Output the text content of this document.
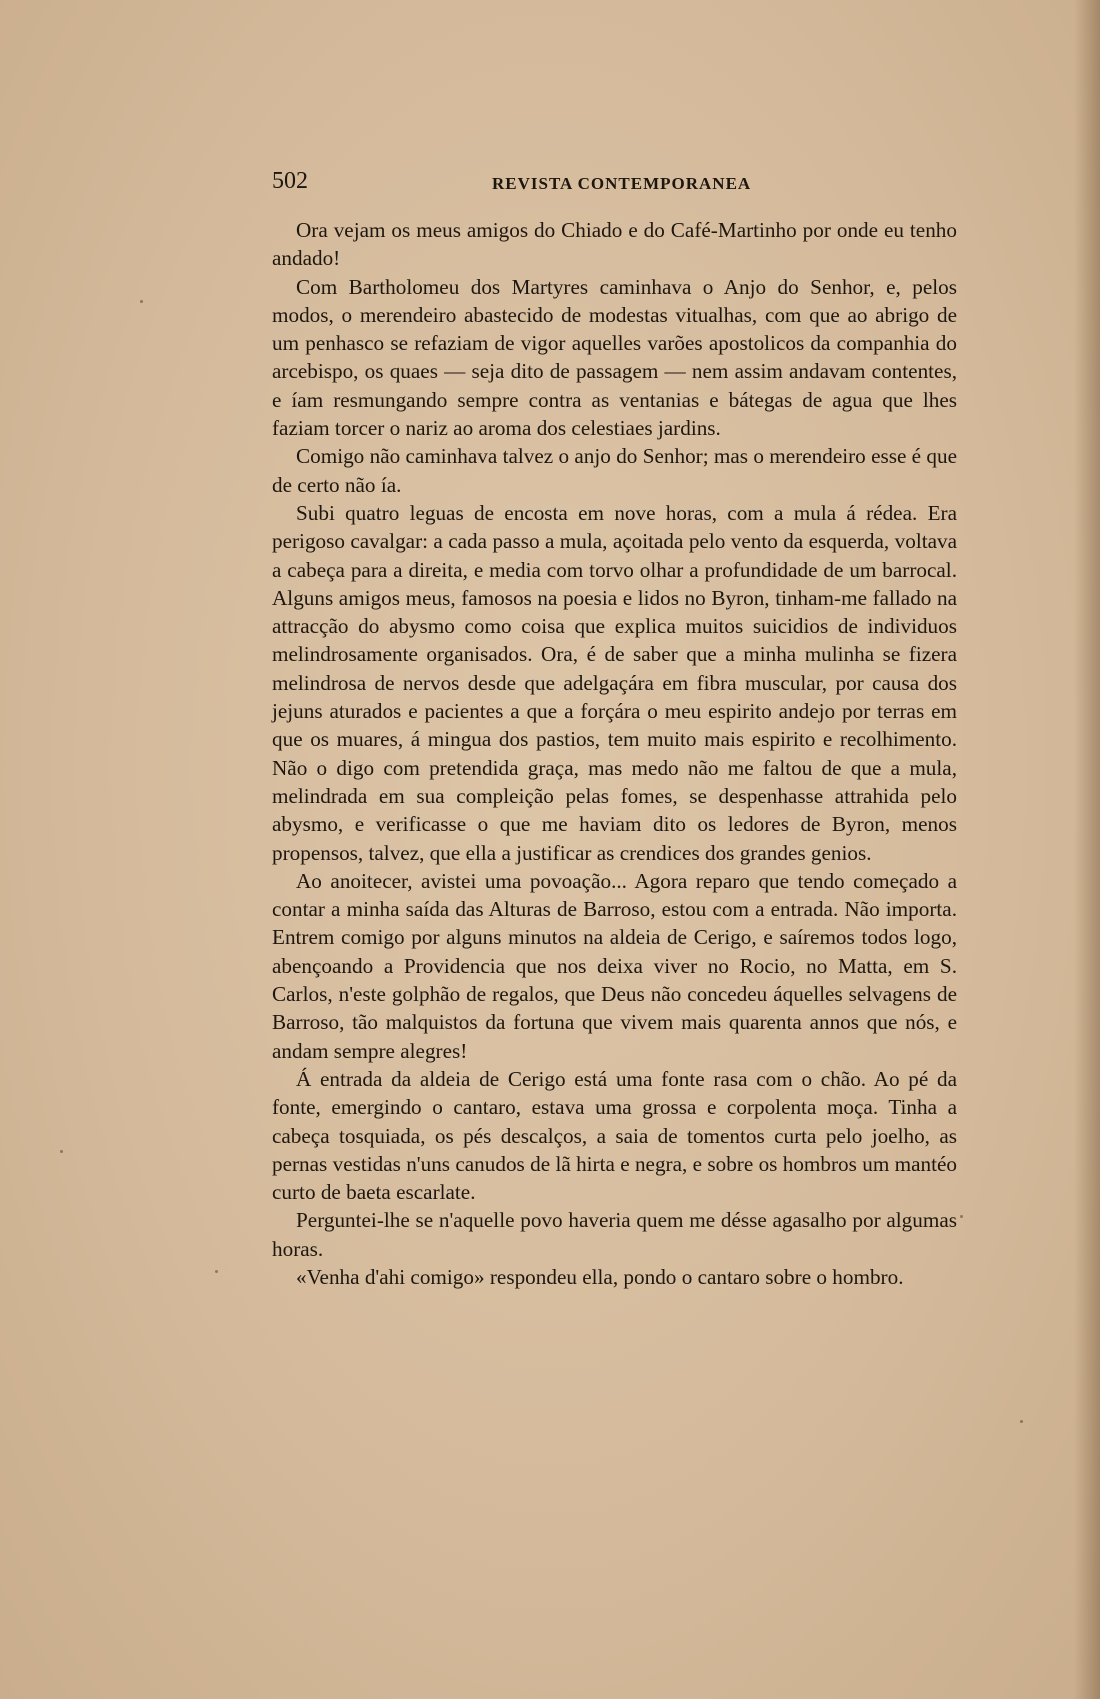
502	REVISTA CONTEMPORANEA

Ora vejam os meus amigos do Chiado e do Café-Martinho por onde eu tenho andado!

Com Bartholomeu dos Martyres caminhava o Anjo do Senhor, e, pelos modos, o merendeiro abastecido de modestas vitualhas, com que ao abrigo de um penhasco se refaziam de vigor aquelles varões apostolicos da companhia do arcebispo, os quaes — seja dito de passagem — nem assim andavam contentes, e íam resmungando sempre contra as ventanias e bátegas de agua que lhes faziam torcer o nariz ao aroma dos celestiaes jardins.

Comigo não caminhava talvez o anjo do Senhor; mas o merendeiro esse é que de certo não ía.

Subi quatro leguas de encosta em nove horas, com a mula á rédea. Era perigoso cavalgar: a cada passo a mula, açoitada pelo vento da esquerda, voltava a cabeça para a direita, e media com torvo olhar a profundidade de um barrocal. Alguns amigos meus, famosos na poesia e lidos no Byron, tinham-me fallado na attracção do abysmo como coisa que explica muitos suicidios de individuos melindrosamente organisados. Ora, é de saber que a minha mulinha se fizera melindrosa de nervos desde que adelgaçára em fibra muscular, por causa dos jejuns aturados e pacientes a que a forçára o meu espirito andejo por terras em que os muares, á mingua dos pastios, tem muito mais espirito e recolhimento. Não o digo com pretendida graça, mas medo não me faltou de que a mula, melindrada em sua compleição pelas fomes, se despenhasse attrahida pelo abysmo, e verificasse o que me haviam dito os ledores de Byron, menos propensos, talvez, que ella a justificar as crendices dos grandes genios.

Ao anoitecer, avistei uma povoação... Agora reparo que tendo começado a contar a minha saída das Alturas de Barroso, estou com a entrada. Não importa. Entrem comigo por alguns minutos na aldeia de Cerigo, e saíremos todos logo, abençoando a Providencia que nos deixa viver no Rocio, no Matta, em S. Carlos, n'este golphão de regalos, que Deus não concedeu áquelles selvagens de Barroso, tão malquistos da fortuna que vivem mais quarenta annos que nós, e andam sempre alegres!

Á entrada da aldeia de Cerigo está uma fonte rasa com o chão. Ao pé da fonte, emergindo o cantaro, estava uma grossa e corpolenta moça. Tinha a cabeça tosquiada, os pés descalços, a saia de tomentos curta pelo joelho, as pernas vestidas n'uns canudos de lã hirta e negra, e sobre os hombros um mantéo curto de baeta escarlate.

Perguntei-lhe se n'aquelle povo haveria quem me désse agasalho por algumas horas.

«Venha d'ahi comigo» respondeu ella, pondo o cantaro sobre o hombro.
